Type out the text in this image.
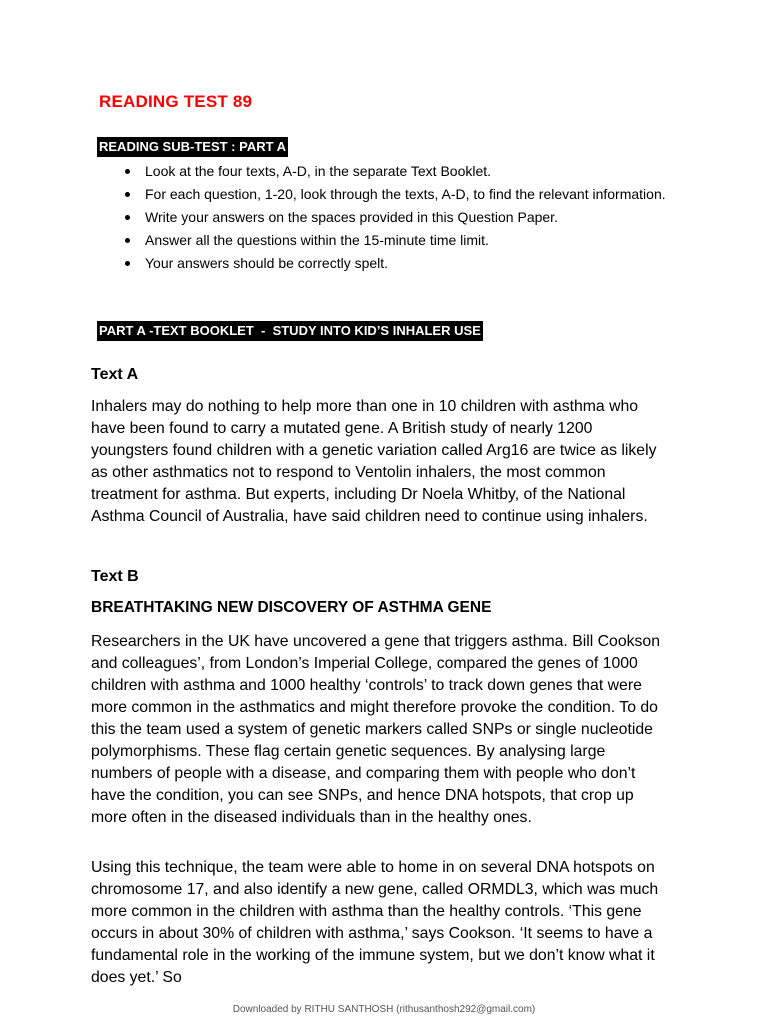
READING TEST 89
READING SUB-TEST : PART A
Look at the four texts, A-D, in the separate Text Booklet.
For each question, 1-20, look through the texts, A-D, to find the relevant information.
Write your answers on the spaces provided in this Question Paper.
Answer all the questions within the 15-minute time limit.
Your answers should be correctly spelt.
PART A -TEXT BOOKLET  -  STUDY INTO KID’S INHALER USE
Text A

Inhalers may do nothing to help more than one in 10 children with asthma who have been found to carry a mutated gene. A British study of nearly 1200 youngsters found children with a genetic variation called Arg16 are twice as likely as other asthmatics not to respond to Ventolin inhalers, the most common treatment for asthma. But experts, including Dr Noela Whitby, of the National Asthma Council of Australia, have said children need to continue using inhalers.

Text B
BREATHTAKING NEW DISCOVERY OF ASTHMA GENE

Researchers in the UK have uncovered a gene that triggers asthma. Bill Cookson and colleagues’, from London’s Imperial College, compared the genes of 1000 children with asthma and 1000 healthy ‘controls’ to track down genes that were more common in the asthmatics and might therefore provoke the condition. To do this the team used a system of genetic markers called SNPs or single nucleotide polymorphisms. These flag certain genetic sequences. By analysing large numbers of people with a disease, and comparing them with people who don’t have the condition, you can see SNPs, and hence DNA hotspots, that crop up more often in the diseased individuals than in the healthy ones.

Using this technique, the team were able to home in on several DNA hotspots on chromosome 17, and also identify a new gene, called ORMDL3, which was much more common in the children with asthma than the healthy controls. ‘This gene occurs in about 30% of children with asthma,’ says Cookson. ‘It seems to have a fundamental role in the working of the immune system, but we don’t know what it does yet.’ So

Downloaded by RITHU SANTHOSH (rithusanthosh292@gmail.com)
